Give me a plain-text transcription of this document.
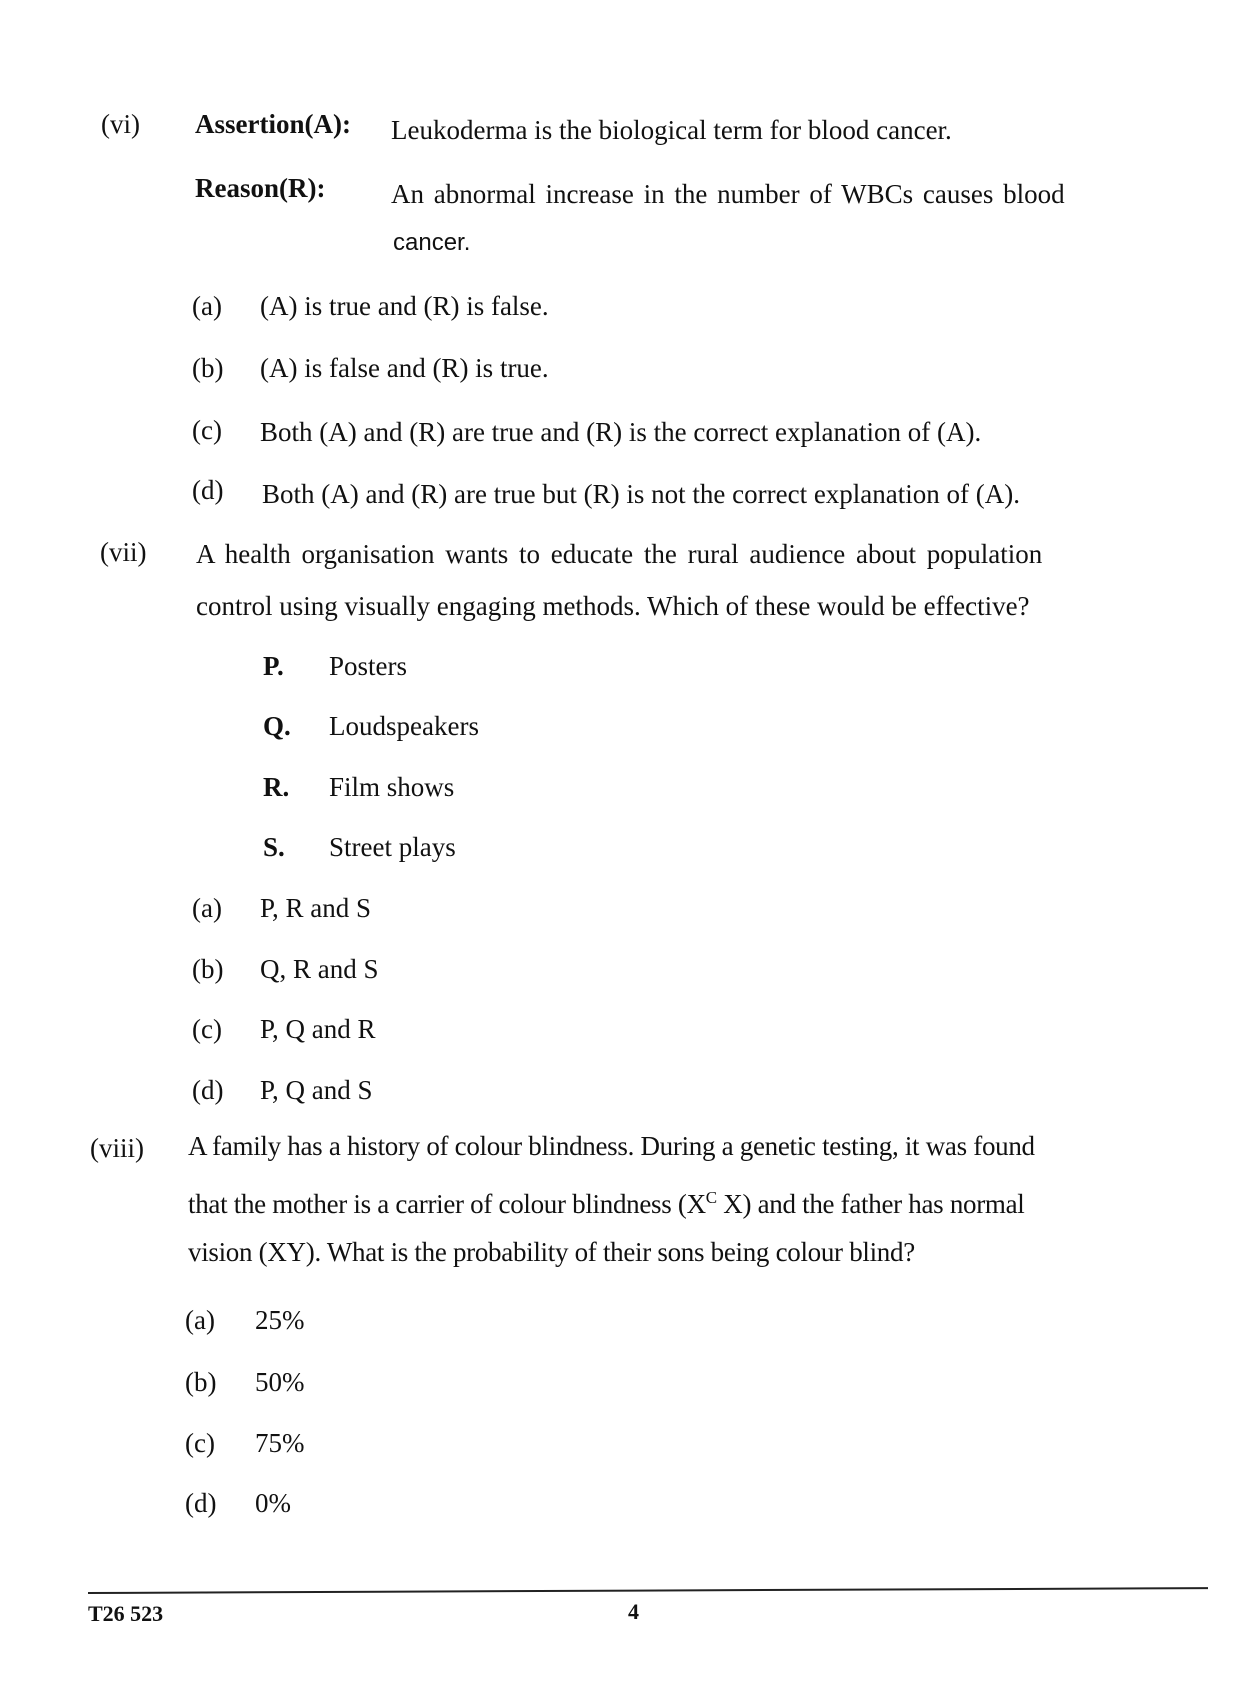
(vi) Assertion(A): Leukoderma is the biological term for blood cancer.
Reason(R): An abnormal increase in the number of WBCs causes blood
cancer.
(a) (A) is true and (R) is false.
(b) (A) is false and (R) is true.
(c) Both (A) and (R) are true and (R) is the correct explanation of (A).
(d) Both (A) and (R) are true but (R) is not the correct explanation of (A).
(vii) A health organisation wants to educate the rural audience about population
control using visually engaging methods. Which of these would be effective?
P. Posters
Q. Loudspeakers
R. Film shows
S. Street plays
(a) P, R and S
(b) Q, R and S
(c) P, Q and R
(d) P, Q and S
(viii) A family has a history of colour blindness. During a genetic testing, it was found
that the mother is a carrier of colour blindness ($X^C$ X) and the father has normal
vision (XY). What is the probability of their sons being colour blind?
(a) 25%
(b) 50%
(c) 75%
(d) 0%
T26 523	4
